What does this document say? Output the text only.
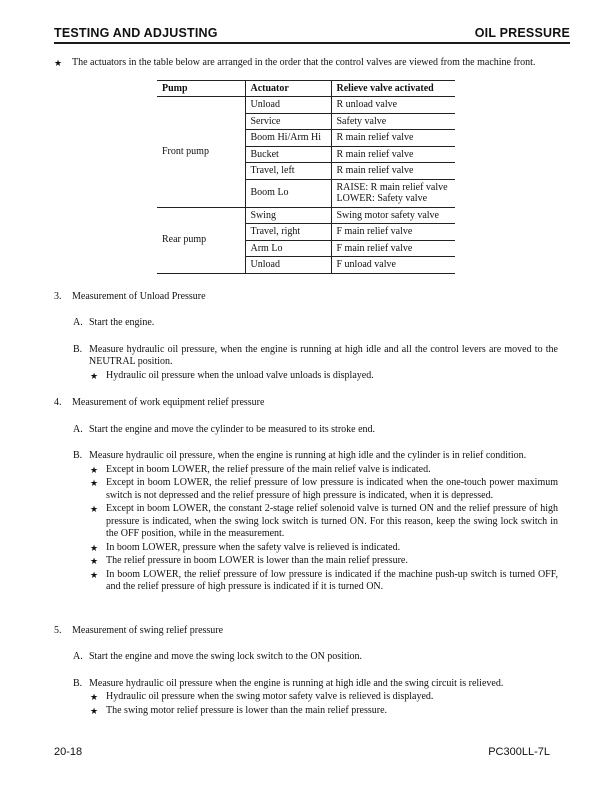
TESTING AND ADJUSTING	OIL PRESSURE
★ The actuators in the table below are arranged in the order that the control valves are viewed from the machine front.
Pump	Actuator	Relieve valve activated
Front pump	Unload	R unload valve
	Service	Safety valve
	Boom Hi/Arm Hi	R main relief valve
	Bucket	R main relief valve
	Travel, left	R main relief valve
	Boom Lo	RAISE: R main relief valve
LOWER: Safety valve

Rear pump	Swing	Swing motor safety valve
	Travel, right	F main relief valve
	Arm Lo	F main relief valve
	Unload	F unload valve
3.	Measurement of Unload Pressure
A. Start the engine.
B. Measure hydraulic oil pressure, when the engine is running at high idle and all the control levers are moved to the NEUTRAL position.
★ Hydraulic oil pressure when the unload valve unloads is displayed.
4.	Measurement of work equipment relief pressure
A. Start the engine and move the cylinder to be measured to its stroke end.
B. Measure hydraulic oil pressure, when the engine is running at high idle and the cylinder is in relief condition.
★ Except in boom LOWER, the relief pressure of the main relief valve is indicated.
★ Except in boom LOWER, the relief pressure of low pressure is indicated when the one-touch power maximum switch is not depressed and the relief pressure of high pressure is indicated, when it is depressed.
★ Except in boom LOWER, the constant 2-stage relief solenoid valve is turned ON and the relief pressure of high pressure is indicated, when the swing lock switch is turned ON. For this reason, keep the swing lock switch in the OFF position, while in the measurement.
★ In boom LOWER, pressure when the safety valve is relieved is indicated.
★ The relief pressure in boom LOWER is lower than the main relief pressure.
★ In boom LOWER, the relief pressure of low pressure is indicated if the machine push-up switch is turned OFF, and the relief pressure of high pressure is indicated if it is turned ON.
5.	Measurement of swing relief pressure
A. Start the engine and move the swing lock switch to the ON position.
B. Measure hydraulic oil pressure when the engine is running at high idle and the swing circuit is relieved.
★ Hydraulic oil pressure when the swing motor safety valve is relieved is displayed.
★ The swing motor relief pressure is lower than the main relief pressure.
20-18	PC300LL-7L
